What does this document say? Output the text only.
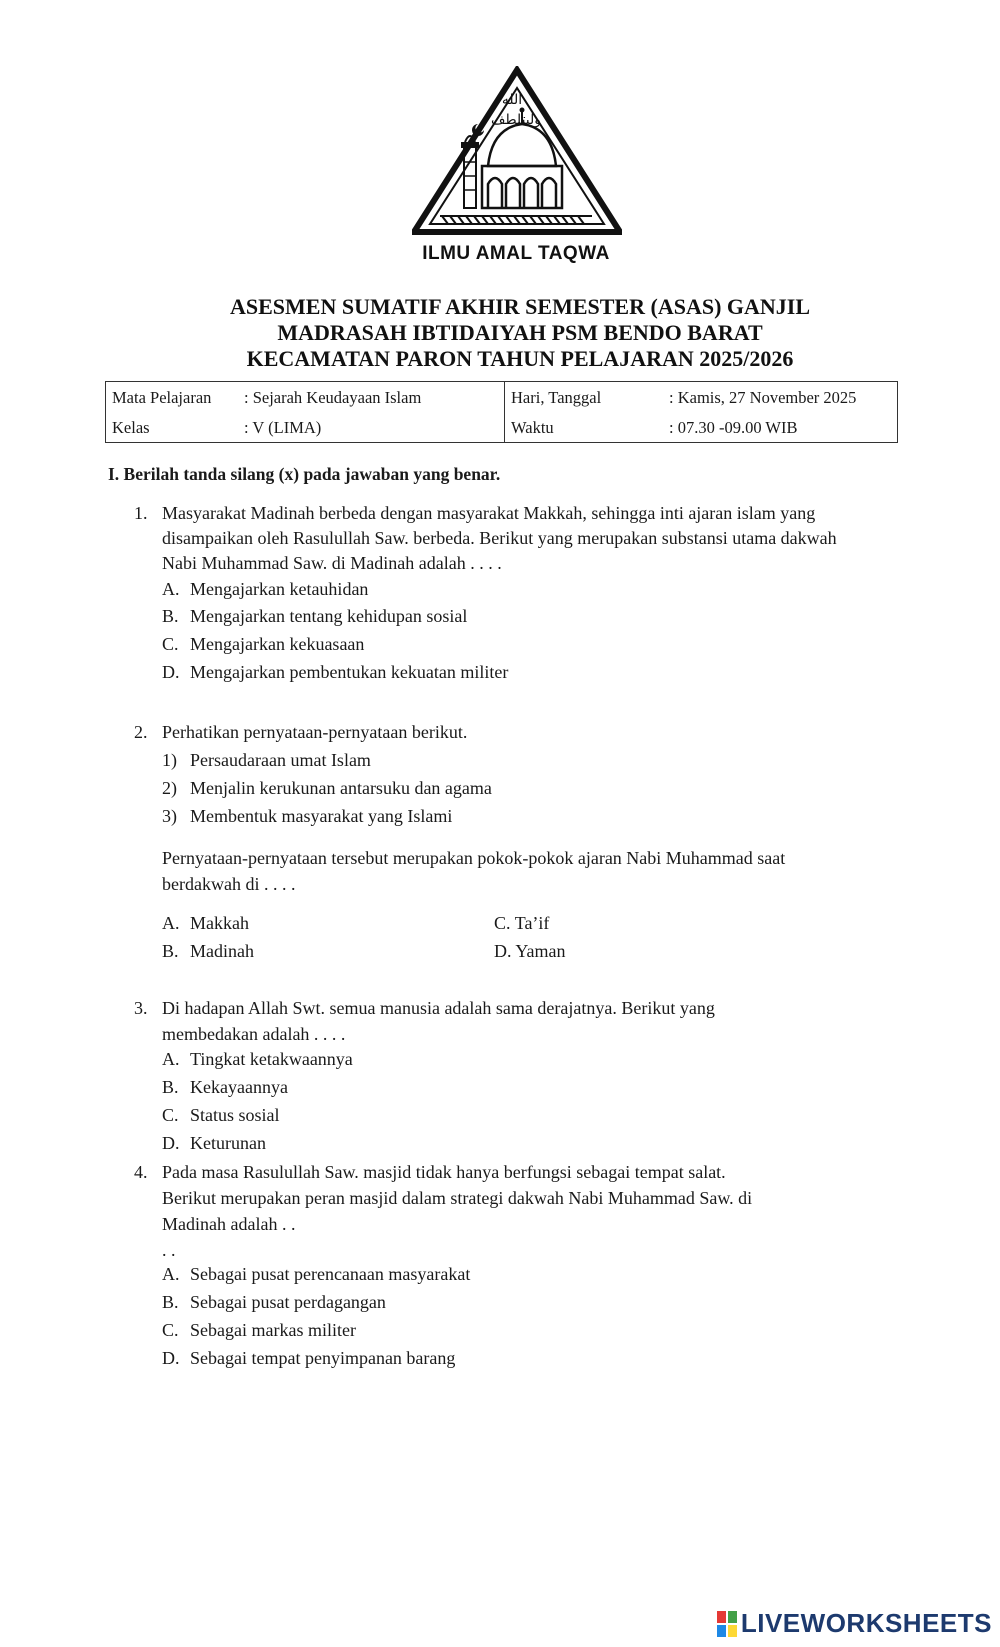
الله
وليتلطف
ILMU AMAL TAQWA
ASESMEN SUMATIF AKHIR SEMESTER (ASAS) GANJIL
MADRASAH IBTIDAIYAH PSM BENDO BARAT
KECAMATAN PARON TAHUN PELAJARAN 2025/2026
Mata Pelajaran	: Sejarah Keudayaan Islam	Hari, Tanggal	: Kamis, 27 November 2025
Kelas	: V (LIMA)	Waktu	: 07.30 -09.00 WIB
I. Berilah tanda silang (x) pada jawaban yang benar.
1. Masyarakat Madinah berbeda dengan masyarakat Makkah, sehingga inti ajaran islam yang
disampaikan oleh Rasulullah Saw. berbeda. Berikut yang merupakan substansi utama dakwah
Nabi Muhammad Saw. di Madinah adalah . . . .
A. Mengajarkan ketauhidan
B. Mengajarkan tentang kehidupan sosial
C. Mengajarkan kekuasaan
D. Mengajarkan pembentukan kekuatan militer
2. Perhatikan pernyataan-pernyataan berikut.
1) Persaudaraan umat Islam
2) Menjalin kerukunan antarsuku dan agama
3) Membentuk masyarakat yang Islami
Pernyataan-pernyataan tersebut merupakan pokok-pokok ajaran Nabi Muhammad saat
berdakwah di . . . .
A. Makkah
B. Madinah
C. Ta’if
D. Yaman
3. Di hadapan Allah Swt. semua manusia adalah sama derajatnya. Berikut yang
membedakan adalah . . . .
A. Tingkat ketakwaannya
B. Kekayaannya
C. Status sosial
D. Keturunan
4. Pada masa Rasulullah Saw. masjid tidak hanya berfungsi sebagai tempat salat.
Berikut merupakan peran masjid dalam strategi dakwah Nabi Muhammad Saw. di
Madinah adalah . .
. .
A. Sebagai pusat perencanaan masyarakat
B. Sebagai pusat perdagangan
C. Sebagai markas militer
D. Sebagai tempat penyimpanan barang
LIVEWORKSHEETS
